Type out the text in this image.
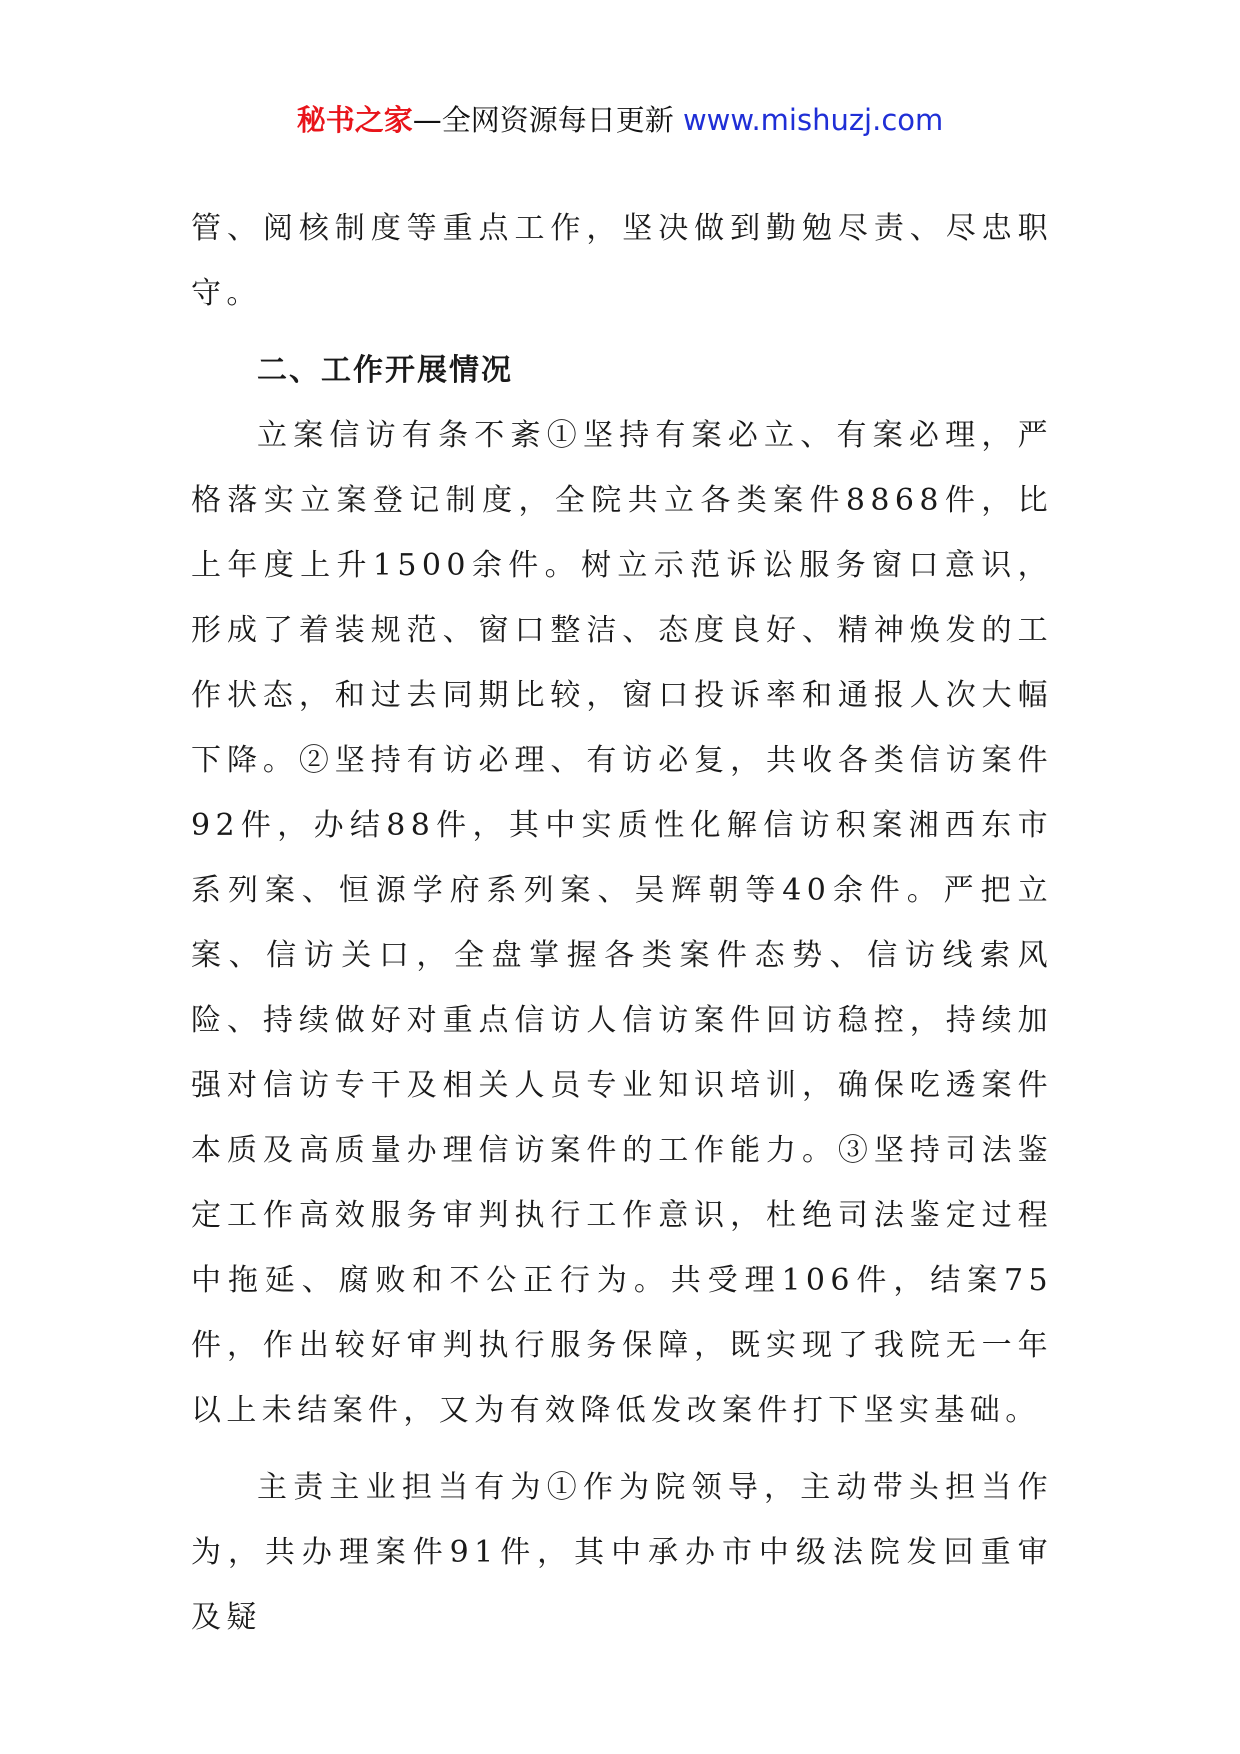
秘书之家—全网资源每日更新 www.mishuzj.com

管、阅核制度等重点工作，坚决做到勤勉尽责、尽忠职守。

二、工作开展情况

立案信访有条不紊①坚持有案必立、有案必理，严格落实立案登记制度，全院共立各类案件8868件，比上年度上升1500余件。树立示范诉讼服务窗口意识，形成了着装规范、窗口整洁、态度良好、精神焕发的工作状态，和过去同期比较，窗口投诉率和通报人次大幅下降。②坚持有访必理、有访必复，共收各类信访案件92件，办结88件，其中实质性化解信访积案湘西东市系列案、恒源学府系列案、吴辉朝等40余件。严把立案、信访关口，全盘掌握各类案件态势、信访线索风险、持续做好对重点信访人信访案件回访稳控，持续加强对信访专干及相关人员专业知识培训，确保吃透案件本质及高质量办理信访案件的工作能力。③坚持司法鉴定工作高效服务审判执行工作意识，杜绝司法鉴定过程中拖延、腐败和不公正行为。共受理106件，结案75件，作出较好审判执行服务保障，既实现了我院无一年以上未结案件，又为有效降低发改案件打下坚实基础。

主责主业担当有为①作为院领导，主动带头担当作为，共办理案件91件，其中承办市中级法院发回重审及疑
